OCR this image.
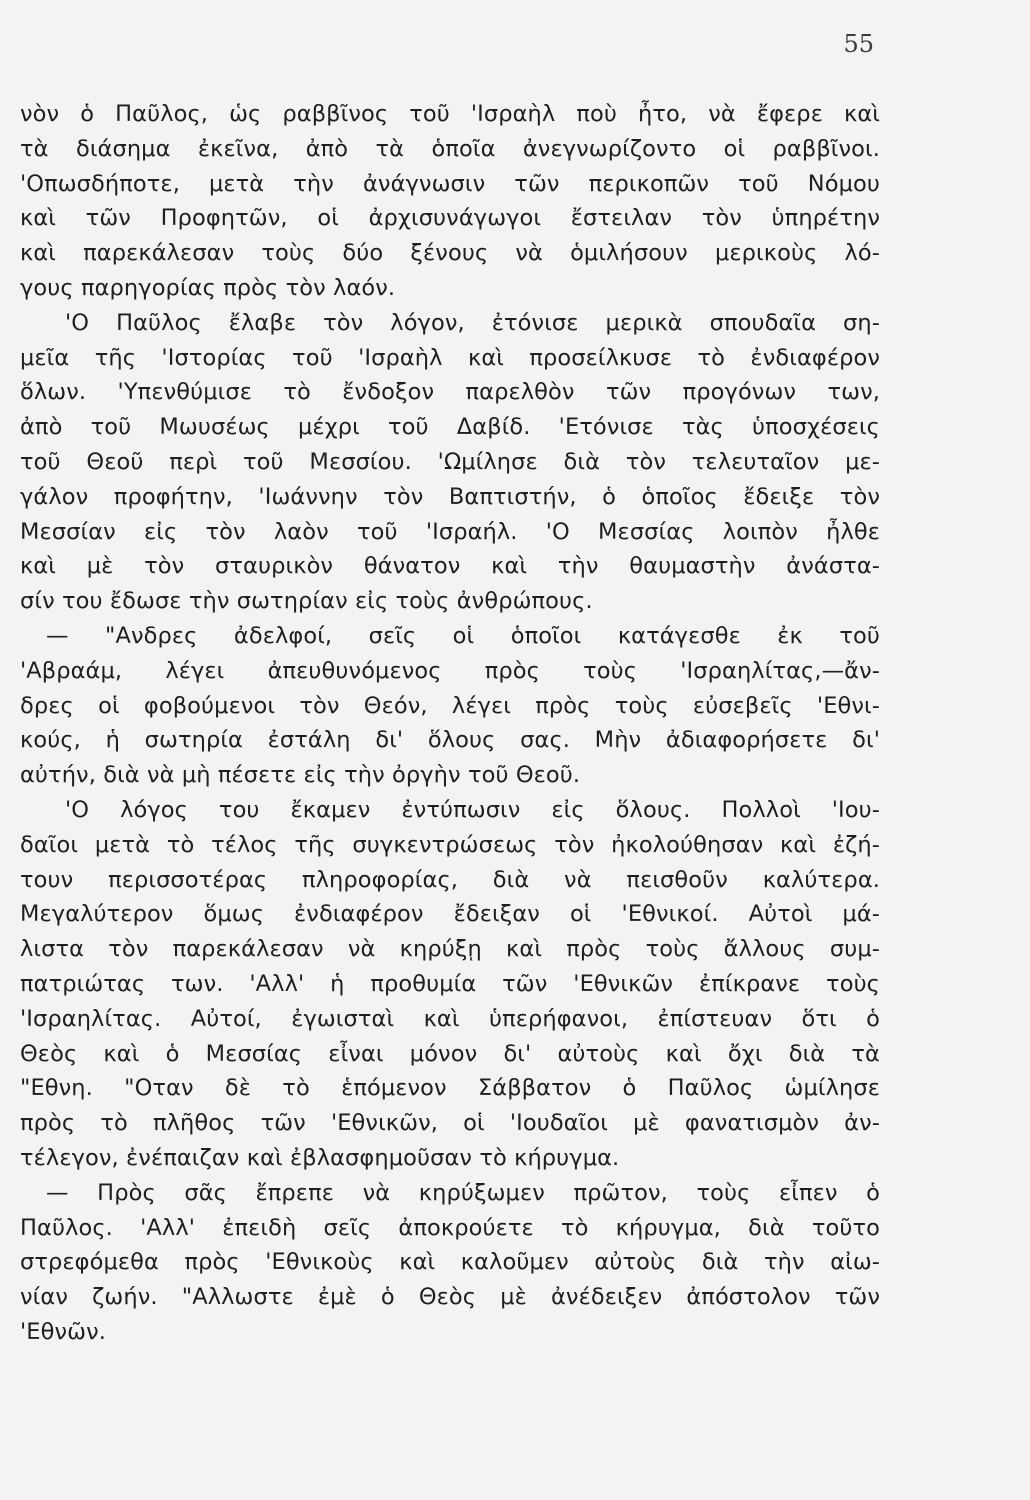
55
νὸν ὁ Παῦλος, ὡς ραββῖνος τοῦ 'Ισραὴλ ποὺ ἦτο, νὰ ἔφερε καὶ
τὰ διάσημα ἐκεῖνα, ἀπὸ τὰ ὁποῖα ἀνεγνωρίζοντο οἱ ραββῖνοι.
'Οπωσδήποτε, μετὰ τὴν ἀνάγνωσιν τῶν περικοπῶν τοῦ Νόμου
καὶ τῶν Προφητῶν, οἱ ἀρχισυνάγωγοι ἔστειλαν τὸν ὑπηρέτην
καὶ παρεκάλεσαν τοὺς δύο ξένους νὰ ὁμιλήσουν μερικοὺς λό-
γους παρηγορίας πρὸς τὸν λαόν.
'Ο Παῦλος ἔλαβε τὸν λόγον, ἐτόνισε μερικὰ σπουδαῖα ση-
μεῖα τῆς 'Ιστορίας τοῦ 'Ισραὴλ καὶ προσείλκυσε τὸ ἐνδιαφέρον
ὅλων. 'Υπενθύμισε τὸ ἔνδοξον παρελθὸν τῶν προγόνων των,
ἀπὸ τοῦ Μωυσέως μέχρι τοῦ Δαβίδ. 'Ετόνισε τὰς ὑποσχέσεις
τοῦ Θεοῦ περὶ τοῦ Μεσσίου. 'Ωμίλησε διὰ τὸν τελευταῖον με-
γάλον προφήτην, 'Ιωάννην τὸν Βαπτιστήν, ὁ ὁποῖος ἔδειξε τὸν
Μεσσίαν εἰς τὸν λαὸν τοῦ 'Ισραήλ. 'Ο Μεσσίας λοιπὸν ἦλθε
καὶ μὲ τὸν σταυρικὸν θάνατον καὶ τὴν θαυμαστὴν ἀνάστα-
σίν του ἔδωσε τὴν σωτηρίαν εἰς τοὺς ἀνθρώπους.
— "Ανδρες ἀδελφοί, σεῖς οἱ ὁποῖοι κατάγεσθε ἐκ τοῦ
'Αβραάμ, λέγει ἀπευθυνόμενος πρὸς τοὺς 'Ισραηλίτας,—ἄν-
δρες οἱ φοβούμενοι τὸν Θεόν, λέγει πρὸς τοὺς εὐσεβεῖς 'Εθνι-
κούς, ἡ σωτηρία ἐστάλη δι' ὅλους σας. Μὴν ἀδιαφορήσετε δι'
αὐτήν, διὰ νὰ μὴ πέσετε εἰς τὴν ὀργὴν τοῦ Θεοῦ.
'Ο λόγος του ἔκαμεν ἐντύπωσιν εἰς ὅλους. Πολλοὶ 'Ιου-
δαῖοι μετὰ τὸ τέλος τῆς συγκεντρώσεως τὸν ἠκολούθησαν καὶ ἐζή-
τουν περισσοτέρας πληροφορίας, διὰ νὰ πεισθοῦν καλύτερα.
Μεγαλύτερον ὅμως ἐνδιαφέρον ἔδειξαν οἱ 'Εθνικοί. Αὐτοὶ μά-
λιστα τὸν παρεκάλεσαν νὰ κηρύξῃ καὶ πρὸς τοὺς ἄλλους συμ-
πατριώτας των. 'Αλλ' ἡ προθυμία τῶν 'Εθνικῶν ἐπίκρανε τοὺς
'Ισραηλίτας. Αὐτοί, ἐγωισταὶ καὶ ὑπερήφανοι, ἐπίστευαν ὅτι ὁ
Θεὸς καὶ ὁ Μεσσίας εἶναι μόνον δι' αὐτοὺς καὶ ὄχι διὰ τὰ
"Εθνη. "Οταν δὲ τὸ ἑπόμενον Σάββατον ὁ Παῦλος ὡμίλησε
πρὸς τὸ πλῆθος τῶν 'Εθνικῶν, οἱ 'Ιουδαῖοι μὲ φανατισμὸν ἀν-
τέλεγον, ἐνέπαιζαν καὶ ἐβλασφημοῦσαν τὸ κήρυγμα.
— Πρὸς σᾶς ἔπρεπε νὰ κηρύξωμεν πρῶτον, τοὺς εἶπεν ὁ
Παῦλος. 'Αλλ' ἐπειδὴ σεῖς ἀποκρούετε τὸ κήρυγμα, διὰ τοῦτο
στρεφόμεθα πρὸς 'Εθνικοὺς καὶ καλοῦμεν αὐτοὺς διὰ τὴν αἰω-
νίαν ζωήν. "Αλλωστε ἐμὲ ὁ Θεὸς μὲ ἀνέδειξεν ἀπόστολον τῶν
'Εθνῶν.
